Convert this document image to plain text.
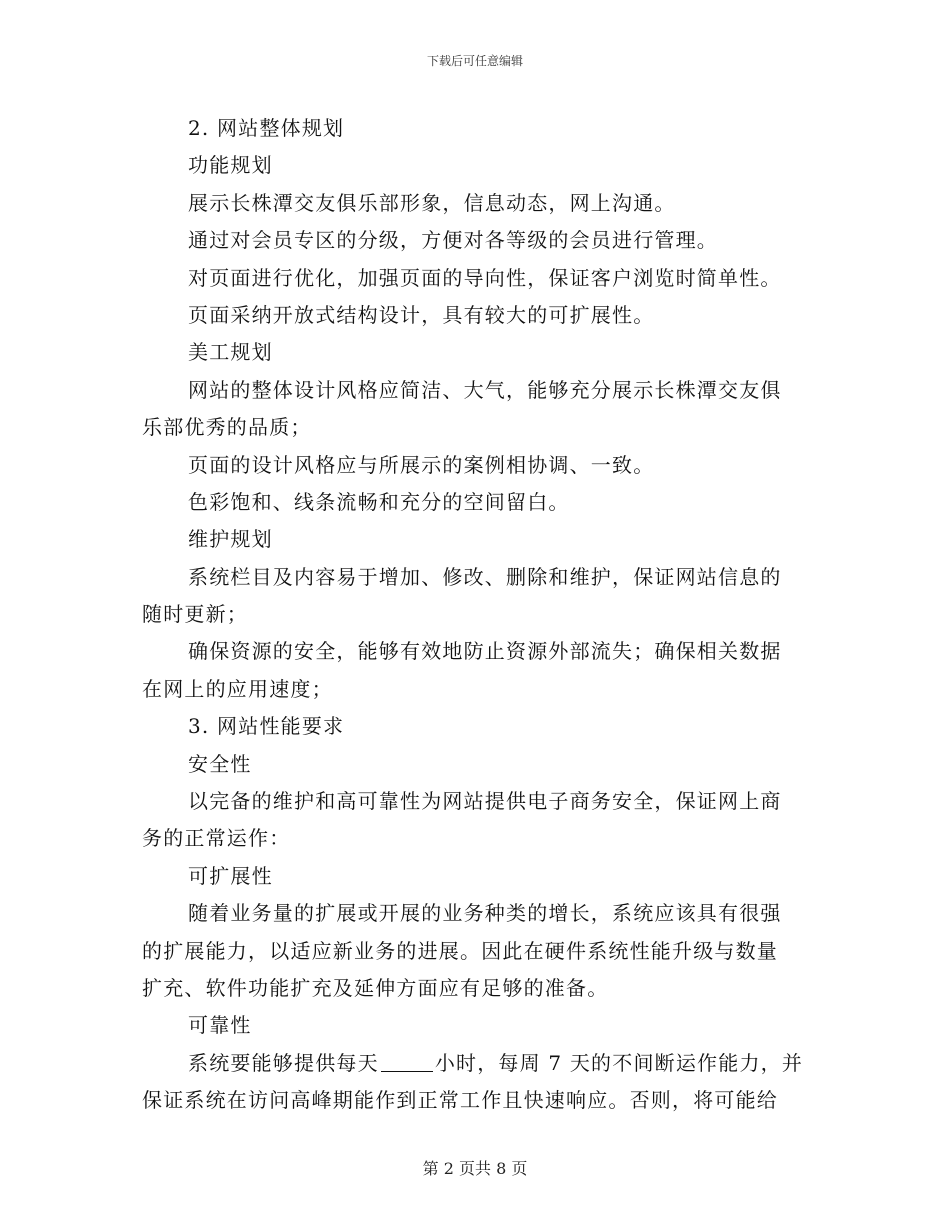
下载后可任意编辑
2. 网站整体规划
功能规划
展示长株潭交友俱乐部形象，信息动态，网上沟通。
通过对会员专区的分级，方便对各等级的会员进行管理。
对页面进行优化，加强页面的导向性，保证客户浏览时简单性。
页面采纳开放式结构设计，具有较大的可扩展性。
美工规划
网站的整体设计风格应简洁、大气，能够充分展示长株潭交友俱
乐部优秀的品质；
页面的设计风格应与所展示的案例相协调、一致。
色彩饱和、线条流畅和充分的空间留白。
维护规划
系统栏目及内容易于增加、修改、删除和维护，保证网站信息的
随时更新；
确保资源的安全，能够有效地防止资源外部流失；确保相关数据
在网上的应用速度；
3. 网站性能要求
安全性
以完备的维护和高可靠性为网站提供电子商务安全，保证网上商
务的正常运作：
可扩展性
随着业务量的扩展或开展的业务种类的增长，系统应该具有很强
的扩展能力，以适应新业务的进展。因此在硬件系统性能升级与数量
扩充、软件功能扩充及延伸方面应有足够的准备。
可靠性
系统要能够提供每天	小时，每周 7 天的不间断运作能力，并
保证系统在访问高峰期能作到正常工作且快速响应。否则，将可能给
第 2 页共 8 页
